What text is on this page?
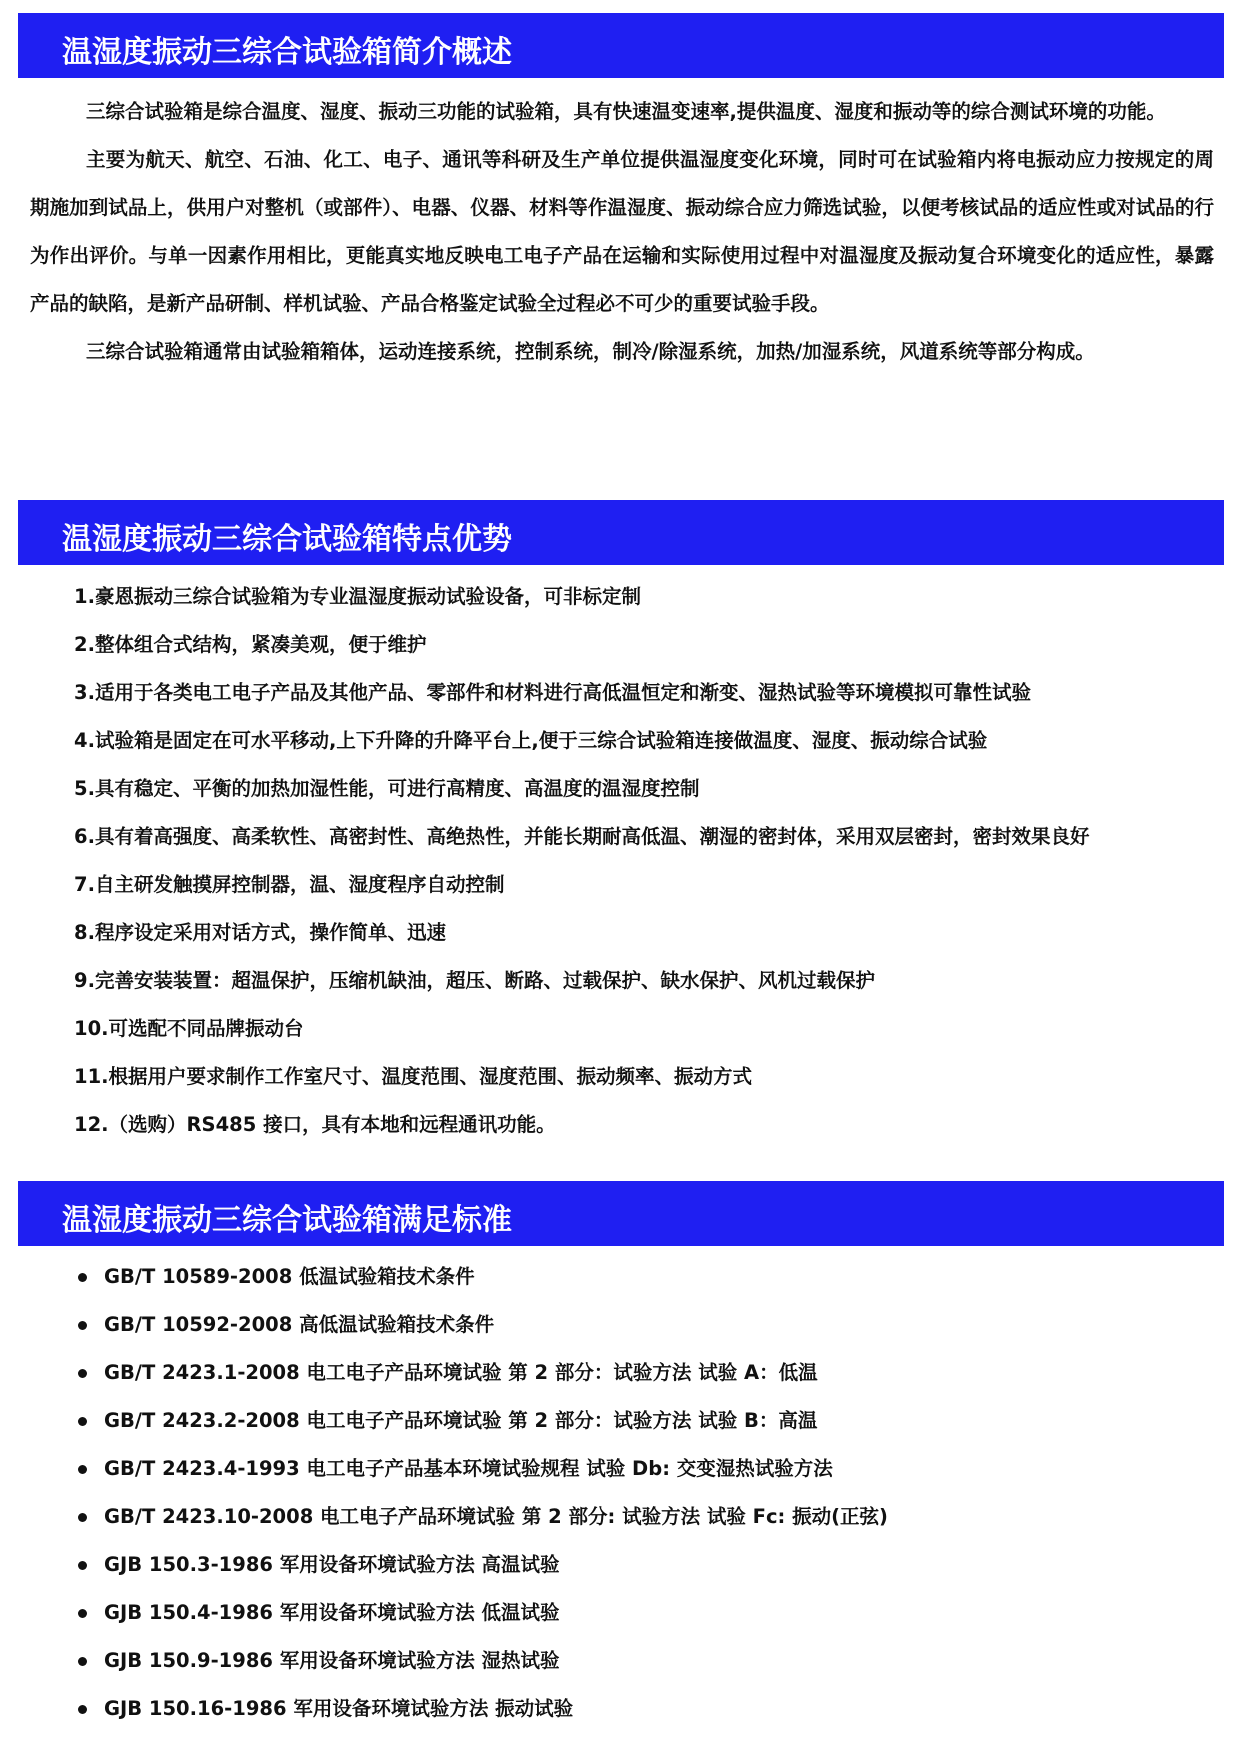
温湿度振动三综合试验箱简介概述

三综合试验箱是综合温度、湿度、振动三功能的试验箱，具有快速温变速率,提供温度、湿度和振动等的综合测试环境的功能。

主要为航天、航空、石油、化工、电子、通讯等科研及生产单位提供温湿度变化环境，同时可在试验箱内将电振动应力按规定的周期施加到试品上，供用户对整机（或部件）、电器、仪器、材料等作温湿度、振动综合应力筛选试验，以便考核试品的适应性或对试品的行为作出评价。与单一因素作用相比，更能真实地反映电工电子产品在运输和实际使用过程中对温湿度及振动复合环境变化的适应性，暴露产品的缺陷，是新产品研制、样机试验、产品合格鉴定试验全过程必不可少的重要试验手段。

三综合试验箱通常由试验箱箱体，运动连接系统，控制系统，制冷/除湿系统，加热/加湿系统，风道系统等部分构成。

温湿度振动三综合试验箱特点优势
1.豪恩振动三综合试验箱为专业温湿度振动试验设备，可非标定制
2.整体组合式结构，紧凑美观，便于维护
3.适用于各类电工电子产品及其他产品、零部件和材料进行高低温恒定和渐变、湿热试验等环境模拟可靠性试验
4.试验箱是固定在可水平移动,上下升降的升降平台上,便于三综合试验箱连接做温度、湿度、振动综合试验
5.具有稳定、平衡的加热加湿性能，可进行高精度、高温度的温湿度控制
6.具有着高强度、高柔软性、高密封性、高绝热性，并能长期耐高低温、潮湿的密封体，采用双层密封，密封效果良好
7.自主研发触摸屏控制器，温、湿度程序自动控制
8.程序设定采用对话方式，操作简单、迅速
9.完善安装装置：超温保护，压缩机缺油，超压、断路、过载保护、缺水保护、风机过载保护
10.可选配不同品牌振动台
11.根据用户要求制作工作室尺寸、温度范围、湿度范围、振动频率、振动方式
12.（选购）RS485 接口，具有本地和远程通讯功能。
温湿度振动三综合试验箱满足标准
GB/T 10589-2008 低温试验箱技术条件
GB/T 10592-2008 高低温试验箱技术条件
GB/T 2423.1-2008 电工电子产品环境试验 第 2 部分：试验方法 试验 A：低温
GB/T 2423.2-2008 电工电子产品环境试验 第 2 部分：试验方法 试验 B：高温
GB/T 2423.4-1993 电工电子产品基本环境试验规程 试验 Db: 交变湿热试验方法
GB/T 2423.10-2008 电工电子产品环境试验 第 2 部分: 试验方法 试验 Fc: 振动(正弦)
GJB 150.3-1986 军用设备环境试验方法 高温试验
GJB 150.4-1986 军用设备环境试验方法 低温试验
GJB 150.9-1986 军用设备环境试验方法 湿热试验
GJB 150.16-1986 军用设备环境试验方法 振动试验
